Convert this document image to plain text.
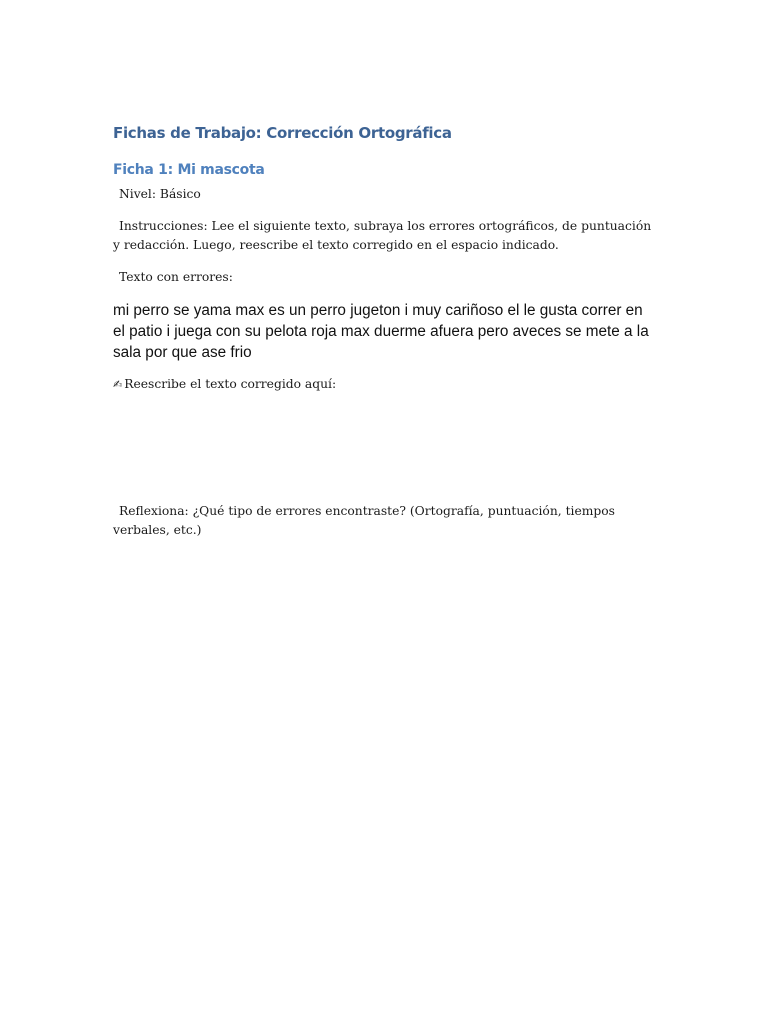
Fichas de Trabajo: Corrección Ortográfica
Ficha 1: Mi mascota

Nivel: Básico

Instrucciones: Lee el siguiente texto, subraya los errores ortográficos, de puntuación y redacción. Luego, reescribe el texto corregido en el espacio indicado.

Texto con errores:

mi perro se yama max es un perro jugeton i muy cariñoso el le gusta correr en el patio i juega con su pelota roja max duerme afuera pero aveces se mete a la sala por que ase frio

✍ Reescribe el texto corregido aquí:

Reflexiona: ¿Qué tipo de errores encontraste? (Ortografía, puntuación, tiempos verbales, etc.)
